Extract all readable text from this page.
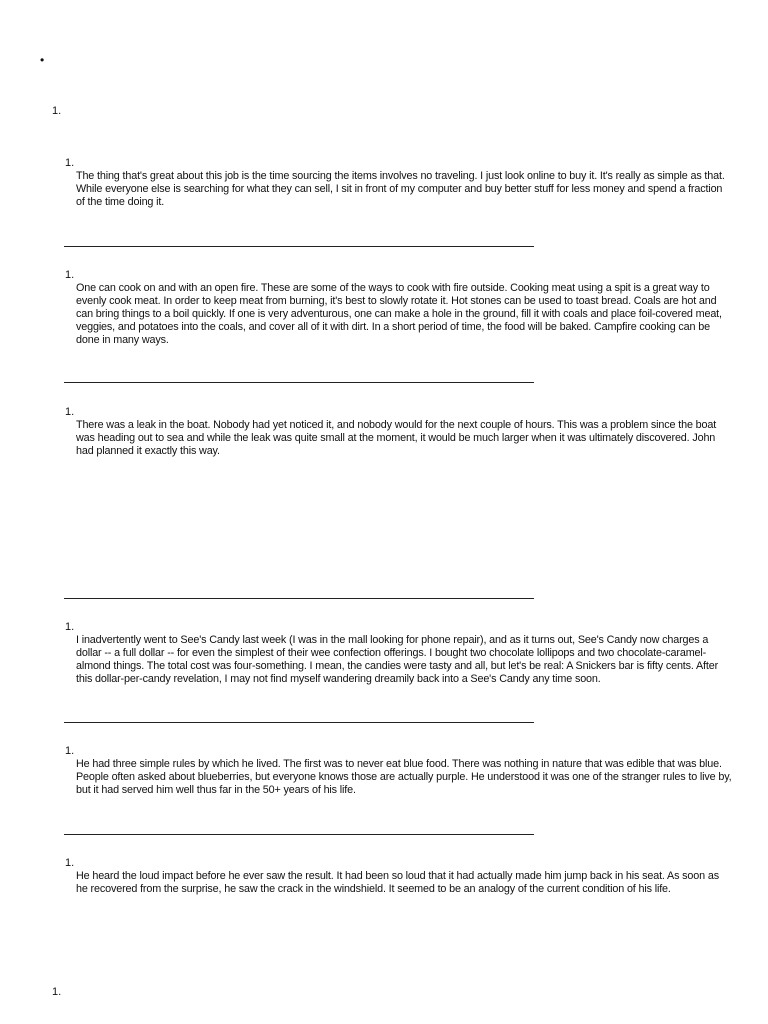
•
1.
1.

The thing that's great about this job is the time sourcing the items involves no traveling. I just look online to buy it. It's really as simple as that. While everyone else is searching for what they can sell, I sit in front of my computer and buy better stuff for less money and spend a fraction of the time doing it.

1.

One can cook on and with an open fire. These are some of the ways to cook with fire outside. Cooking meat using a spit is a great way to evenly cook meat. In order to keep meat from burning, it's best to slowly rotate it. Hot stones can be used to toast bread. Coals are hot and can bring things to a boil quickly. If one is very adventurous, one can make a hole in the ground, fill it with coals and place foil-covered meat, veggies, and potatoes into the coals, and cover all of it with dirt. In a short period of time, the food will be baked. Campfire cooking can be done in many ways.

1.

There was a leak in the boat. Nobody had yet noticed it, and nobody would for the next couple of hours. This was a problem since the boat was heading out to sea and while the leak was quite small at the moment, it would be much larger when it was ultimately discovered. John had planned it exactly this way.

1.

I inadvertently went to See's Candy last week (I was in the mall looking for phone repair), and as it turns out, See's Candy now charges a dollar -- a full dollar -- for even the simplest of their wee confection offerings. I bought two chocolate lollipops and two chocolate-caramel-almond things. The total cost was four-something. I mean, the candies were tasty and all, but let's be real: A Snickers bar is fifty cents. After this dollar-per-candy revelation, I may not find myself wandering dreamily back into a See's Candy any time soon.

1.

He had three simple rules by which he lived. The first was to never eat blue food. There was nothing in nature that was edible that was blue. People often asked about blueberries, but everyone knows those are actually purple. He understood it was one of the stranger rules to live by, but it had served him well thus far in the 50+ years of his life.

1.

He heard the loud impact before he ever saw the result. It had been so loud that it had actually made him jump back in his seat. As soon as he recovered from the surprise, he saw the crack in the windshield. It seemed to be an analogy of the current condition of his life.

1.
